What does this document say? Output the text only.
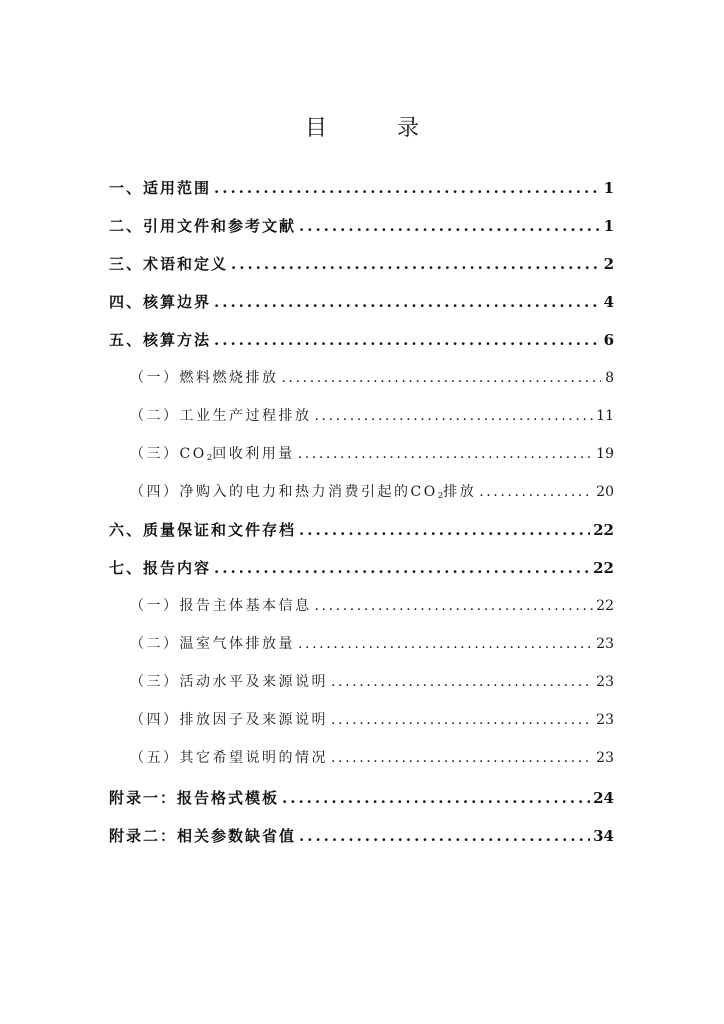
目　录
一、适用范围 .....	1
二、引用文件和参考文献 .....	1
三、术语和定义 .....	2
四、核算边界 .....	4
五、核算方法 .....	6
（一）燃料燃烧排放 .....	8
（二）工业生产过程排放 .....	11
（三）$CO_2$回收利用量 .....	19
（四）净购入的电力和热力消费引起的$CO_2$排放 .....	20
六、质量保证和文件存档 .....	22
七、报告内容 .....	22
（一）报告主体基本信息 .....	22
（二）温室气体排放量 .....	23
（三）活动水平及来源说明 .....	23
（四）排放因子及来源说明 .....	23
（五）其它希望说明的情况 .....	23
附录一：报告格式模板 .....	24
附录二：相关参数缺省值 .....	34
